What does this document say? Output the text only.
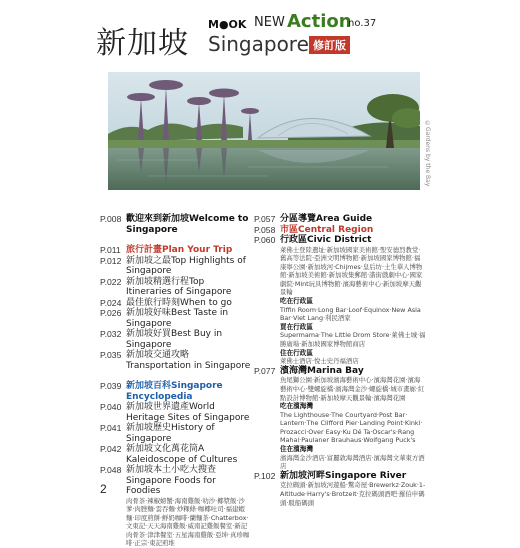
新加坡
M●OK NEW Action
no.37
Singapore 修訂版
©Gardens by the Bay
P.008 歡迎來到新加坡Welcome to Singapore
P.011 旅行計畫Plan Your Trip
P.012 新加坡之最Top Highlights of Singapore
P.022 新加坡精選行程Top Itineraries of Singapore
P.024 最佳旅行時刻When to go
P.026 新加坡好味Best Taste in Singapore
P.032 新加坡好買Best Buy in Singapore
P.035 新加坡交通攻略Transportation in Singapore
P.039 新加坡百科Singapore Encyclopedia
P.040 新加坡世界遺產World Heritage Sites of Singapore
P.041 新加坡歷史History of Singapore
P.042 新加坡文化萬花筒A Kaleidoscope of Cultures
P.048 新加坡本土小吃大搜查Singapore Foods for Foodies
肉骨茶‧辣椒螃蟹‧海南雞飯‧叻沙‧椰漿飯‧沙爹‧肉脞麵‧雲吞麵‧炒粿條‧咖椰吐司‧福建蝦麵‧印度煎餅‧鮮奶咖啡‧蘭麵茶‧Chatterbox‧文東記‧天天海南雞飯‧威南記雞飯餐室‧新記肉骨茶‧津津餐室‧五星海南雞飯‧亞坤‧真珍咖啡‧正宗‧東記煎堆
P.057 分區導覽Area Guide
P.058 市區Central Region
P.060 行政區Civic District
萊佛士登陸遺址‧新加坡國家美術館‧聖安德烈教堂‧舊高等法院‧亞洲文明博物館‧新加坡國家博物館‧福康寧公園‧新加坡河‧Chijmes‧皇后坊‧土生華人博物館‧新加坡美術館‧新加坡集郵館‧諧街戲劇中心‧國家劇院‧Mint玩具博物館‧濱海藝術中心‧新加坡摩天觀景輪
吃在行政區
Tiffin Room‧Long Bar‧Loof‧Equinox‧New Asia Bar‧Viet Lang‧利民酒家
買在行政區
Supermama‧The Little Drom Store‧萊佛士城‧福勝廣場‧新加坡國家博物館商店
住在行政區
萊佛士酒店‧悅士史丹福酒店
P.077 濱海灣Marina Bay
魚尾獅公園‧新加坡濱海藝術中心‧濱海灣花園‧濱海藝術中心‧雙螺旋橋‧濱海灣金沙‧螺旋橋‧城市畫廊‧紅點設計博物館‧新加坡摩天觀景輪‧濱海灣花園
吃在濱海灣
The Lighthouse‧The Courtyard‧Post Bar‧Lantern‧The Clifford Pier‧Landing Point‧Kinki‧Prozacci‧Over Easy‧Ku Dé Ta‧Oscar's‧Rang Mahal‧Paulaner Brauhaus‧Wolfgang Puck's
住在濱海灣
濱海灣金沙酒店‧富麗敦海灣酒店‧濱海灣文華東方酒店
P.102 新加坡河畔Singapore River
克拉碼頭‧新加坡河遊船‧驚奇屋‧Brewerkz‧Zouk‧1-Altitude‧Harry's‧Brotzeit‧克拉碼頭酒吧‧羅伯申碼頭‧駁船碼頭
2
